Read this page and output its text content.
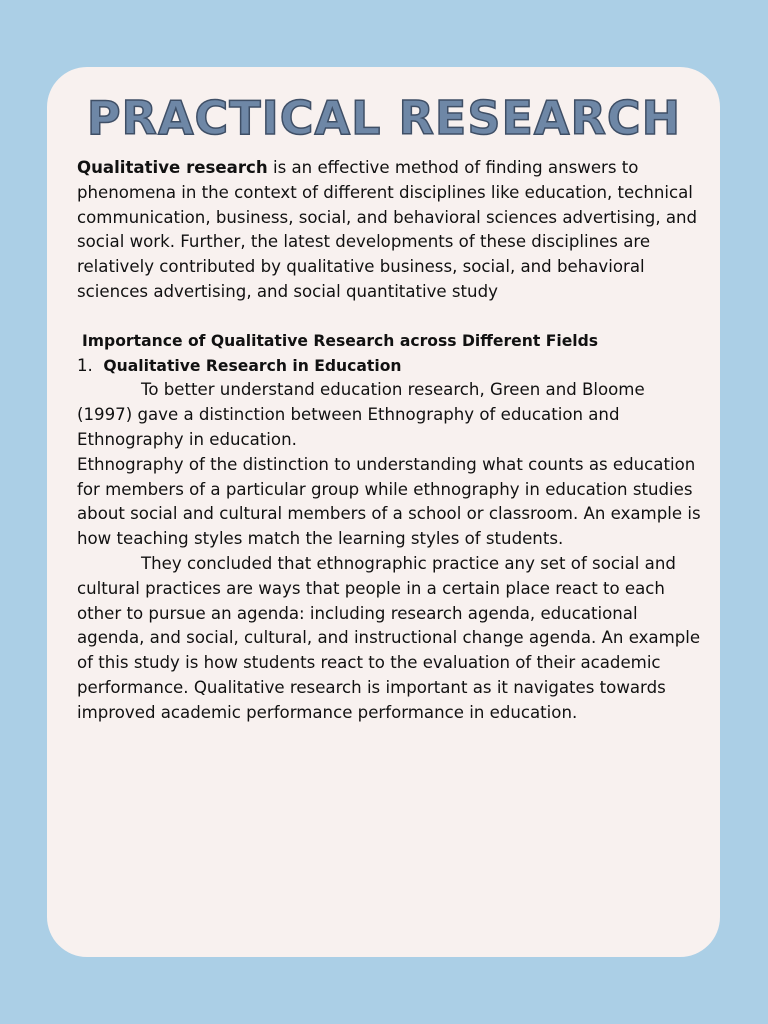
PRACTICAL RESEARCH

Qualitative research is an effective method of finding answers to phenomena in the context of different disciplines like education, technical communication, business, social, and behavioral sciences advertising, and social work. Further, the latest developments of these disciplines are relatively contributed by qualitative business, social, and behavioral sciences advertising, and social quantitative study

Importance of Qualitative Research across Different Fields

1. Qualitative Research in Education

To better understand education research, Green and Bloome (1997) gave a distinction between Ethnography of education and Ethnography in education.

Ethnography of the distinction to understanding what counts as education for members of a particular group while ethnography in education studies about social and cultural members of a school or classroom. An example is how teaching styles match the learning styles of students.

They concluded that ethnographic practice any set of social and cultural practices are ways that people in a certain place react to each other to pursue an agenda: including research agenda, educational agenda, and social, cultural, and instructional change agenda. An example of this study is how students react to the evaluation of their academic performance. Qualitative research is important as it navigates towards improved academic performance performance in education.
